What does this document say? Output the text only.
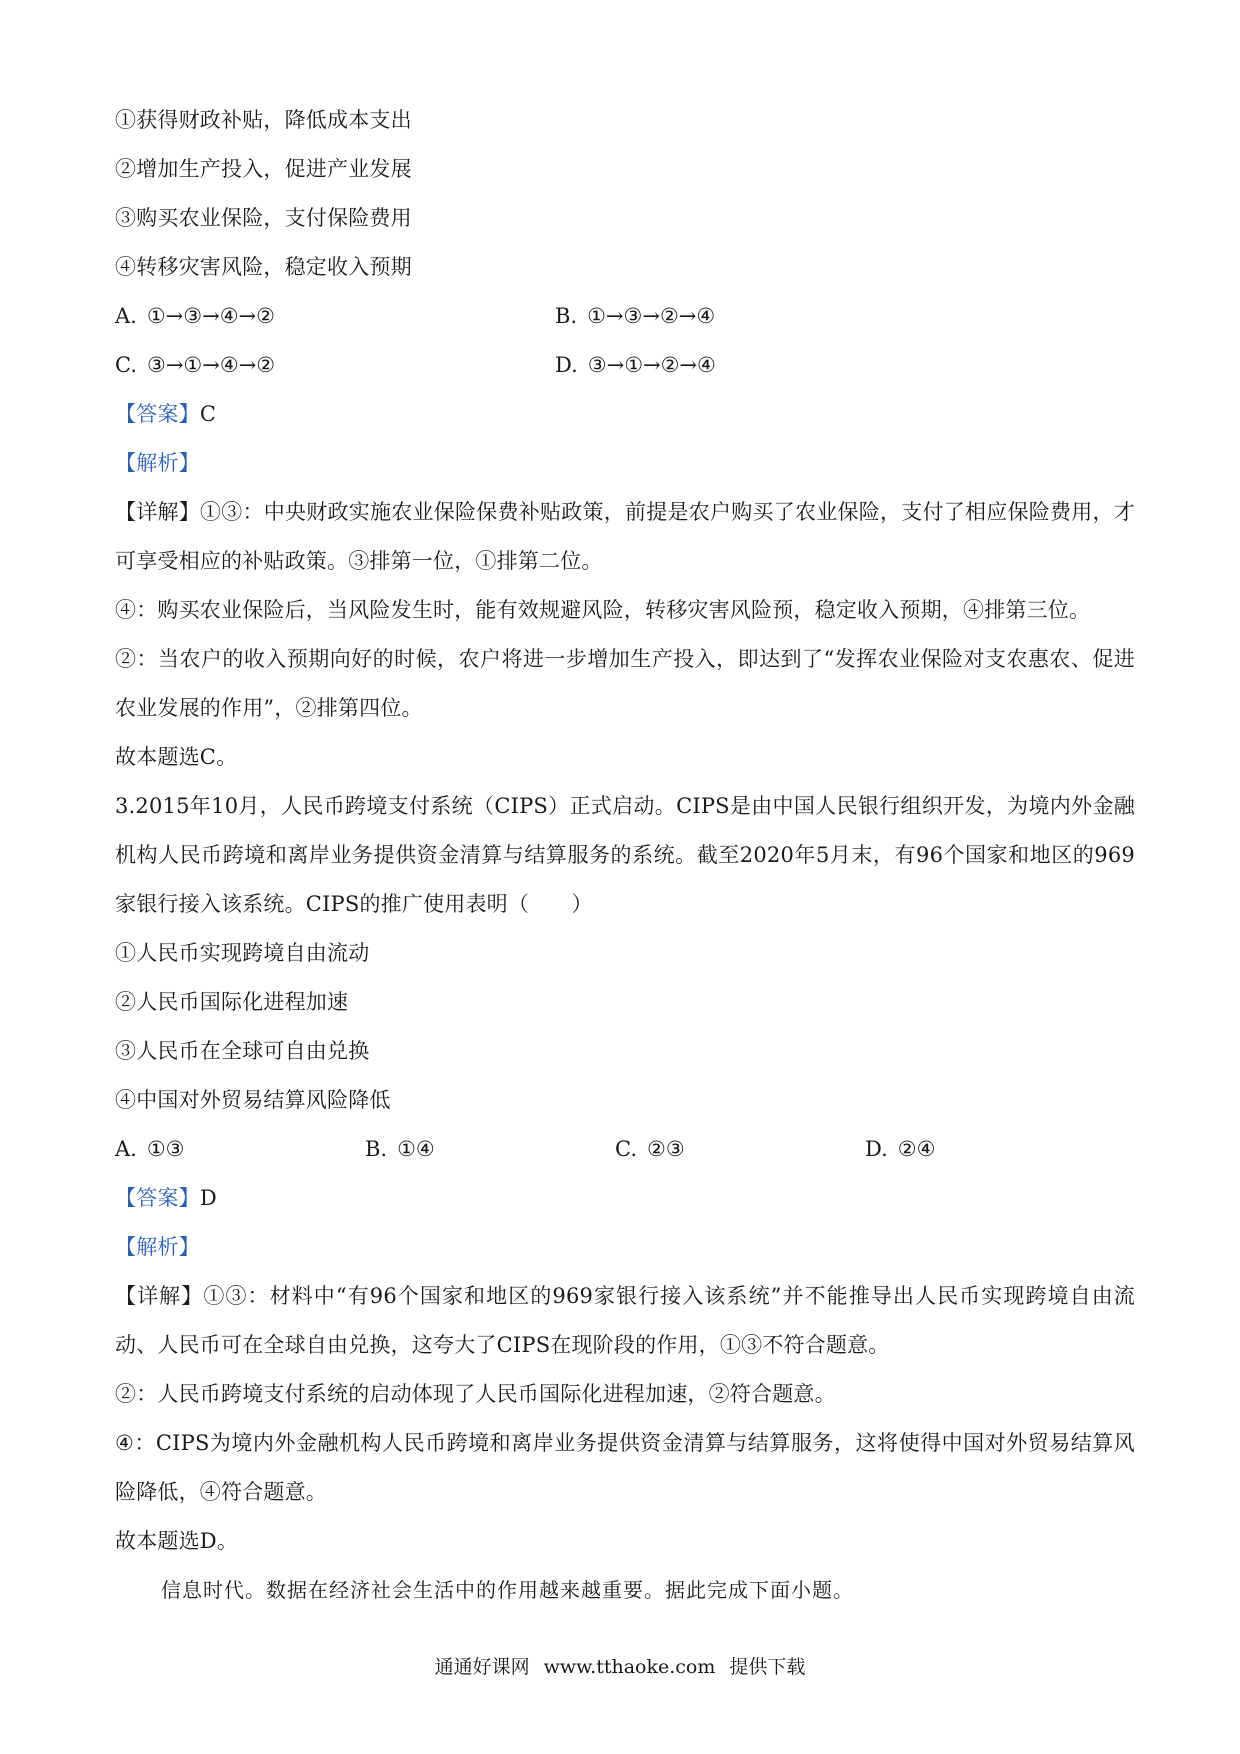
①获得财政补贴，降低成本支出
②增加生产投入，促进产业发展
③购买农业保险，支付保险费用
④转移灾害风险，稳定收入预期
A. ①→③→④→②	B. ①→③→②→④
C. ③→①→④→②	D. ③→①→②→④
【答案】C
【解析】
【详解】①③：中央财政实施农业保险保费补贴政策，前提是农户购买了农业保险，支付了相应保险费用，才可享受相应的补贴政策。③排第一位，①排第二位。
④：购买农业保险后，当风险发生时，能有效规避风险，转移灾害风险预，稳定收入预期，④排第三位。
②：当农户的收入预期向好的时候，农户将进一步增加生产投入，即达到了“发挥农业保险对支农惠农、促进农业发展的作用”，②排第四位。
故本题选C。
3.2015年10月，人民币跨境支付系统（CIPS）正式启动。CIPS是由中国人民银行组织开发，为境内外金融机构人民币跨境和离岸业务提供资金清算与结算服务的系统。截至2020年5月末，有96个国家和地区的969家银行接入该系统。CIPS的推广使用表明（　　）
①人民币实现跨境自由流动
②人民币国际化进程加速
③人民币在全球可自由兑换
④中国对外贸易结算风险降低
A. ①③	B. ①④	C. ②③	D. ②④
【答案】D
【解析】
【详解】①③：材料中“有96个国家和地区的969家银行接入该系统”并不能推导出人民币实现跨境自由流动、人民币可在全球自由兑换，这夸大了CIPS在现阶段的作用，①③不符合题意。
②：人民币跨境支付系统的启动体现了人民币国际化进程加速，②符合题意。
④：CIPS为境内外金融机构人民币跨境和离岸业务提供资金清算与结算服务，这将使得中国对外贸易结算风险降低，④符合题意。
故本题选D。
信息时代。数据在经济社会生活中的作用越来越重要。据此完成下面小题。
通通好课网 www.tthaoke.com 提供下载
